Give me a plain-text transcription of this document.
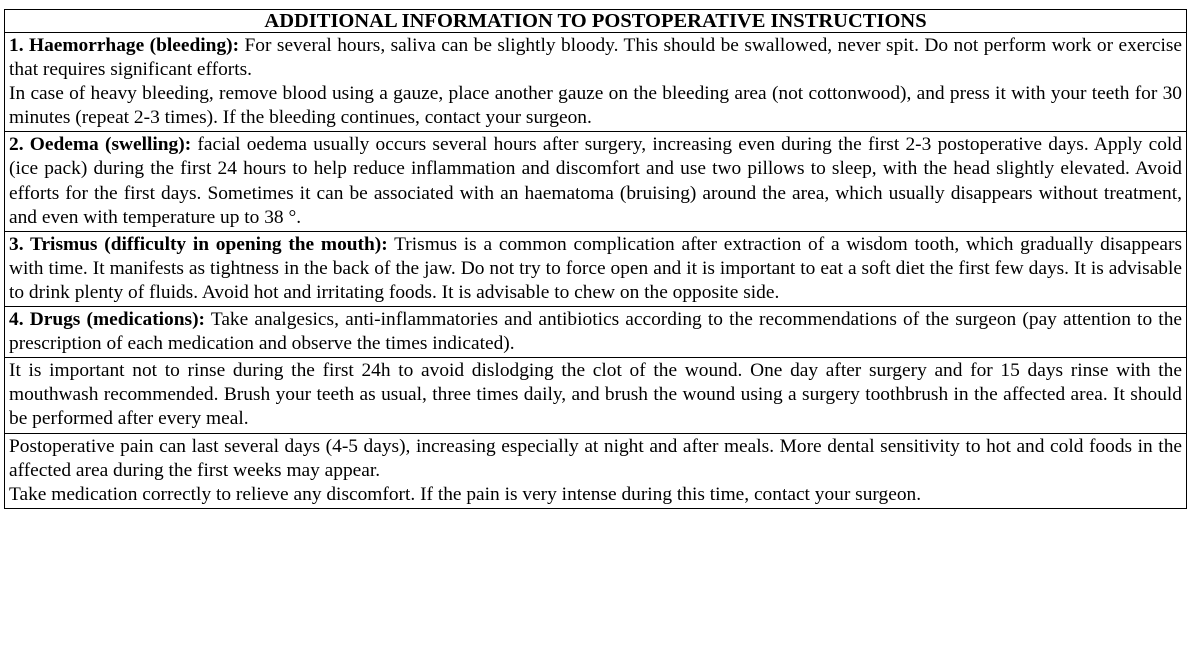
ADDITIONAL INFORMATION TO POSTOPERATIVE INSTRUCTIONS

1. Haemorrhage (bleeding): For several hours, saliva can be slightly bloody. This should be swallowed, never spit. Do not perform work or exercise that requires significant efforts.
In case of heavy bleeding, remove blood using a gauze, place another gauze on the bleeding area (not cottonwood), and press it with your teeth for 30 minutes (repeat 2-3 times). If the bleeding continues, contact your surgeon.

2. Oedema (swelling): facial oedema usually occurs several hours after surgery, increasing even during the first 2-3 postoperative days. Apply cold (ice pack) during the first 24 hours to help reduce inflammation and discomfort and use two pillows to sleep, with the head slightly elevated. Avoid efforts for the first days. Sometimes it can be associated with an haematoma (bruising) around the area, which usually disappears without treatment, and even with temperature up to 38 °.

3. Trismus (difficulty in opening the mouth): Trismus is a common complication after extraction of a wisdom tooth, which gradually disappears with time. It manifests as tightness in the back of the jaw. Do not try to force open and it is important to eat a soft diet the first few days. It is advisable to drink plenty of fluids. Avoid hot and irritating foods. It is advisable to chew on the opposite side.

4. Drugs (medications): Take analgesics, anti-inflammatories and antibiotics according to the recommendations of the surgeon (pay attention to the prescription of each medication and observe the times indicated).

It is important not to rinse during the first 24h to avoid dislodging the clot of the wound. One day after surgery and for 15 days rinse with the mouthwash recommended. Brush your teeth as usual, three times daily, and brush the wound using a surgery toothbrush in the affected area. It should be performed after every meal.

Postoperative pain can last several days (4-5 days), increasing especially at night and after meals. More dental sensitivity to hot and cold foods in the affected area during the first weeks may appear.
Take medication correctly to relieve any discomfort. If the pain is very intense during this time, contact your surgeon.
